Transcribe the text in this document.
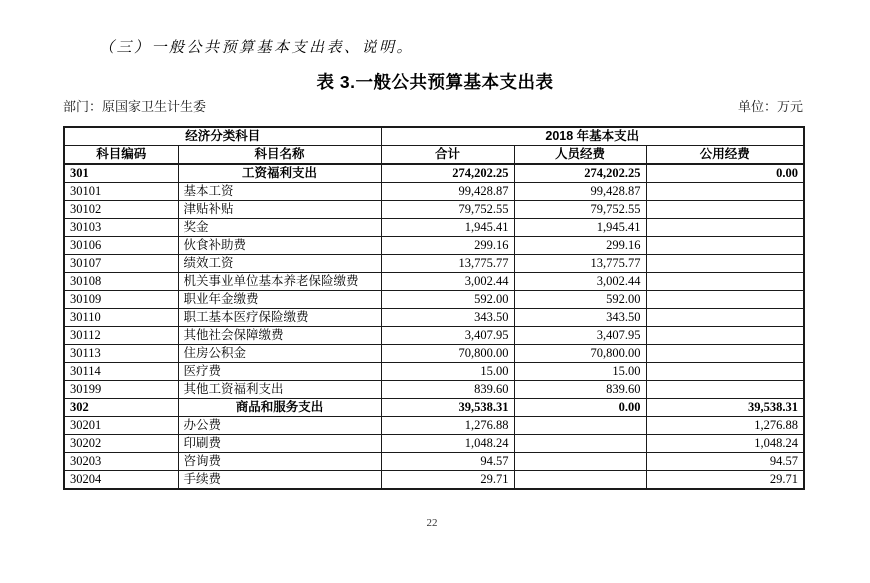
（三）一般公共预算基本支出表、说明。
表 3.一般公共预算基本支出表
部门：原国家卫生计生委	单位：万元
经济分类科目		2018 年基本支出		
科目编码	科目名称	合计	人员经费	公用经费
301	工资福利支出	274,202.25	274,202.25	0.00
30101	基本工资	99,428.87	99,428.87	
30102	津贴补贴	79,752.55	79,752.55	
30103	奖金	1,945.41	1,945.41	
30106	伙食补助费	299.16	299.16	
30107	绩效工资	13,775.77	13,775.77	
30108	机关事业单位基本养老保险缴费	3,002.44	3,002.44	
30109	职业年金缴费	592.00	592.00	
30110	职工基本医疗保险缴费	343.50	343.50	
30112	其他社会保障缴费	3,407.95	3,407.95	
30113	住房公积金	70,800.00	70,800.00	
30114	医疗费	15.00	15.00	
30199	其他工资福利支出	839.60	839.60	
302	商品和服务支出	39,538.31	0.00	39,538.31
30201	办公费	1,276.88		1,276.88
30202	印刷费	1,048.24		1,048.24
30203	咨询费	94.57		94.57
30204	手续费	29.71		29.71
22
